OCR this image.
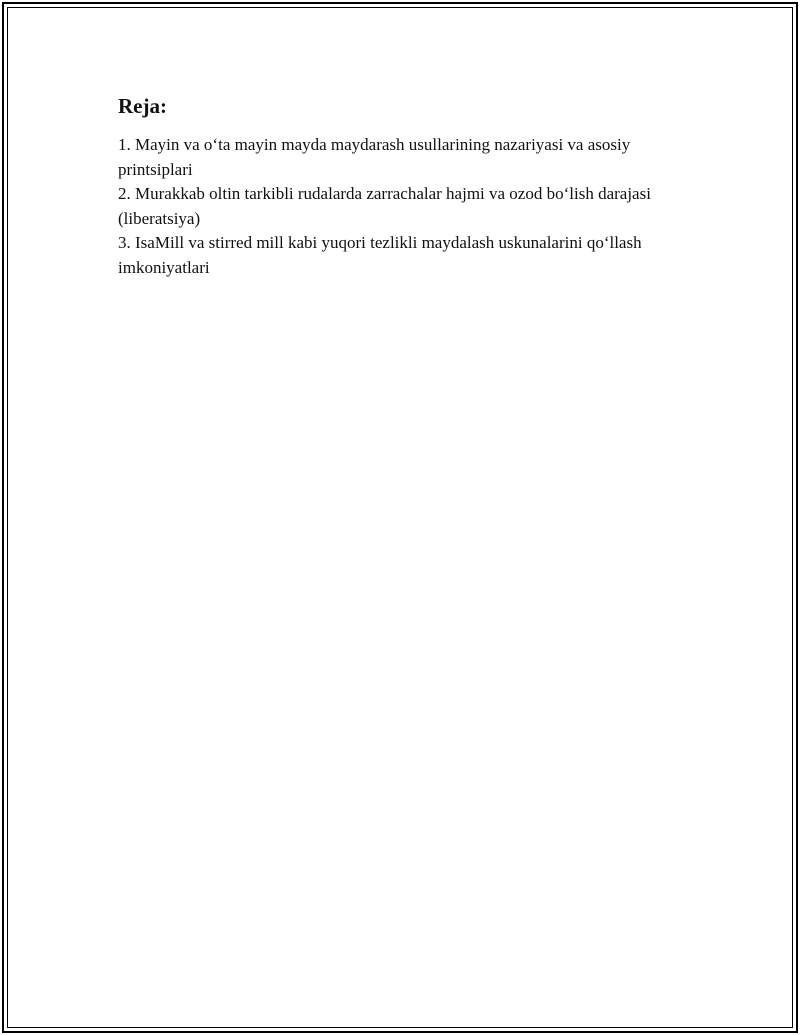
Reja:
1. Mayin va o‘ta mayin mayda maydarash usullarining nazariyasi va asosiy printsiplari
2. Murakkab oltin tarkibli rudalarda zarrachalar hajmi va ozod bo‘lish darajasi (liberatsiya)
3. IsaMill va stirred mill kabi yuqori tezlikli maydalash uskunalarini qo‘llash imkoniyatlari
